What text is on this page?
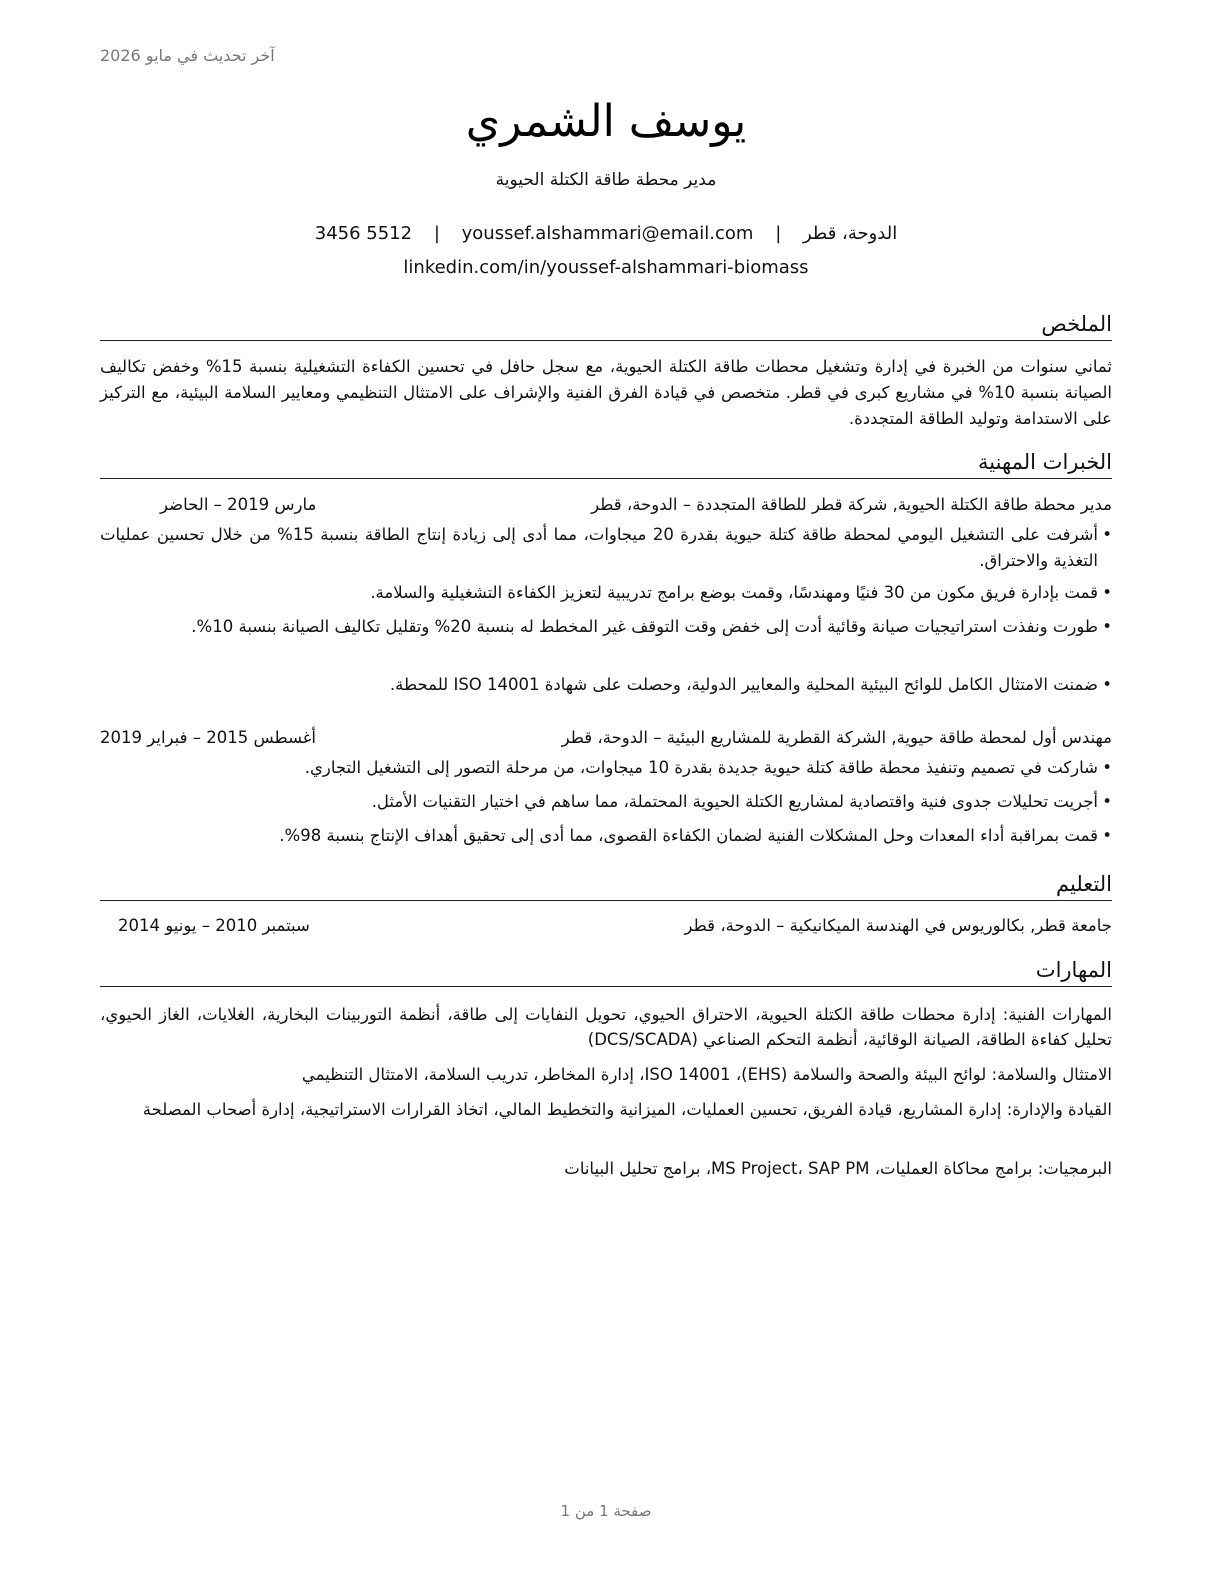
آخر تحديث في مايو 2026
يوسف الشمري
مدير محطة طاقة الكتلة الحيوية
الدوحة، قطر | youssef.alshammari@email.com | 3456 5512
linkedin.com/in/youssef-alshammari-biomass
الملخص
ثماني سنوات من الخبرة في إدارة وتشغيل محطات طاقة الكتلة الحيوية، مع سجل حافل في تحسين الكفاءة التشغيلية بنسبة 15% وخفض تكاليف الصيانة بنسبة 10% في مشاريع كبرى في قطر. متخصص في قيادة الفرق الفنية والإشراف على الامتثال التنظيمي ومعايير السلامة البيئية، مع التركيز على الاستدامة وتوليد الطاقة المتجددة.
الخبرات المهنية
مدير محطة طاقة الكتلة الحيوية, شركة قطر للطاقة المتجددة – الدوحة، قطر
مارس 2019 – الحاضر
•
أشرفت على التشغيل اليومي لمحطة طاقة كتلة حيوية بقدرة 20 ميجاوات، مما أدى إلى زيادة إنتاج الطاقة بنسبة 15% من خلال تحسين عمليات التغذية والاحتراق.
•
قمت بإدارة فريق مكون من 30 فنيًا ومهندسًا، وقمت بوضع برامج تدريبية لتعزيز الكفاءة التشغيلية والسلامة.
•
طورت ونفذت استراتيجيات صيانة وقائية أدت إلى خفض وقت التوقف غير المخطط له بنسبة 20% وتقليل تكاليف الصيانة بنسبة 10%.
•
ضمنت الامتثال الكامل للوائح البيئية المحلية والمعايير الدولية، وحصلت على شهادة ISO 14001 للمحطة.
مهندس أول لمحطة طاقة حيوية, الشركة القطرية للمشاريع البيئية – الدوحة، قطر
أغسطس 2015 – فبراير 2019
•
شاركت في تصميم وتنفيذ محطة طاقة كتلة حيوية جديدة بقدرة 10 ميجاوات، من مرحلة التصور إلى التشغيل التجاري.
•
أجريت تحليلات جدوى فنية واقتصادية لمشاريع الكتلة الحيوية المحتملة، مما ساهم في اختيار التقنيات الأمثل.
•
قمت بمراقبة أداء المعدات وحل المشكلات الفنية لضمان الكفاءة القصوى، مما أدى إلى تحقيق أهداف الإنتاج بنسبة 98%.
التعليم
جامعة قطر, بكالوريوس في الهندسة الميكانيكية – الدوحة، قطر
سبتمبر 2010 – يونيو 2014
المهارات
المهارات الفنية: إدارة محطات طاقة الكتلة الحيوية، الاحتراق الحيوي، تحويل النفايات إلى طاقة، أنظمة التوربينات البخارية، الغلايات، الغاز الحيوي، تحليل كفاءة الطاقة، الصيانة الوقائية، أنظمة التحكم الصناعي (DCS/SCADA)
الامتثال والسلامة: لوائح البيئة والصحة والسلامة (EHS)، ISO 14001، إدارة المخاطر، تدريب السلامة، الامتثال التنظيمي
القيادة والإدارة: إدارة المشاريع، قيادة الفريق، تحسين العمليات، الميزانية والتخطيط المالي، اتخاذ القرارات الاستراتيجية، إدارة أصحاب المصلحة
البرمجيات: برامج محاكاة العمليات، MS Project، SAP PM، برامج تحليل البيانات
صفحة 1 من 1
